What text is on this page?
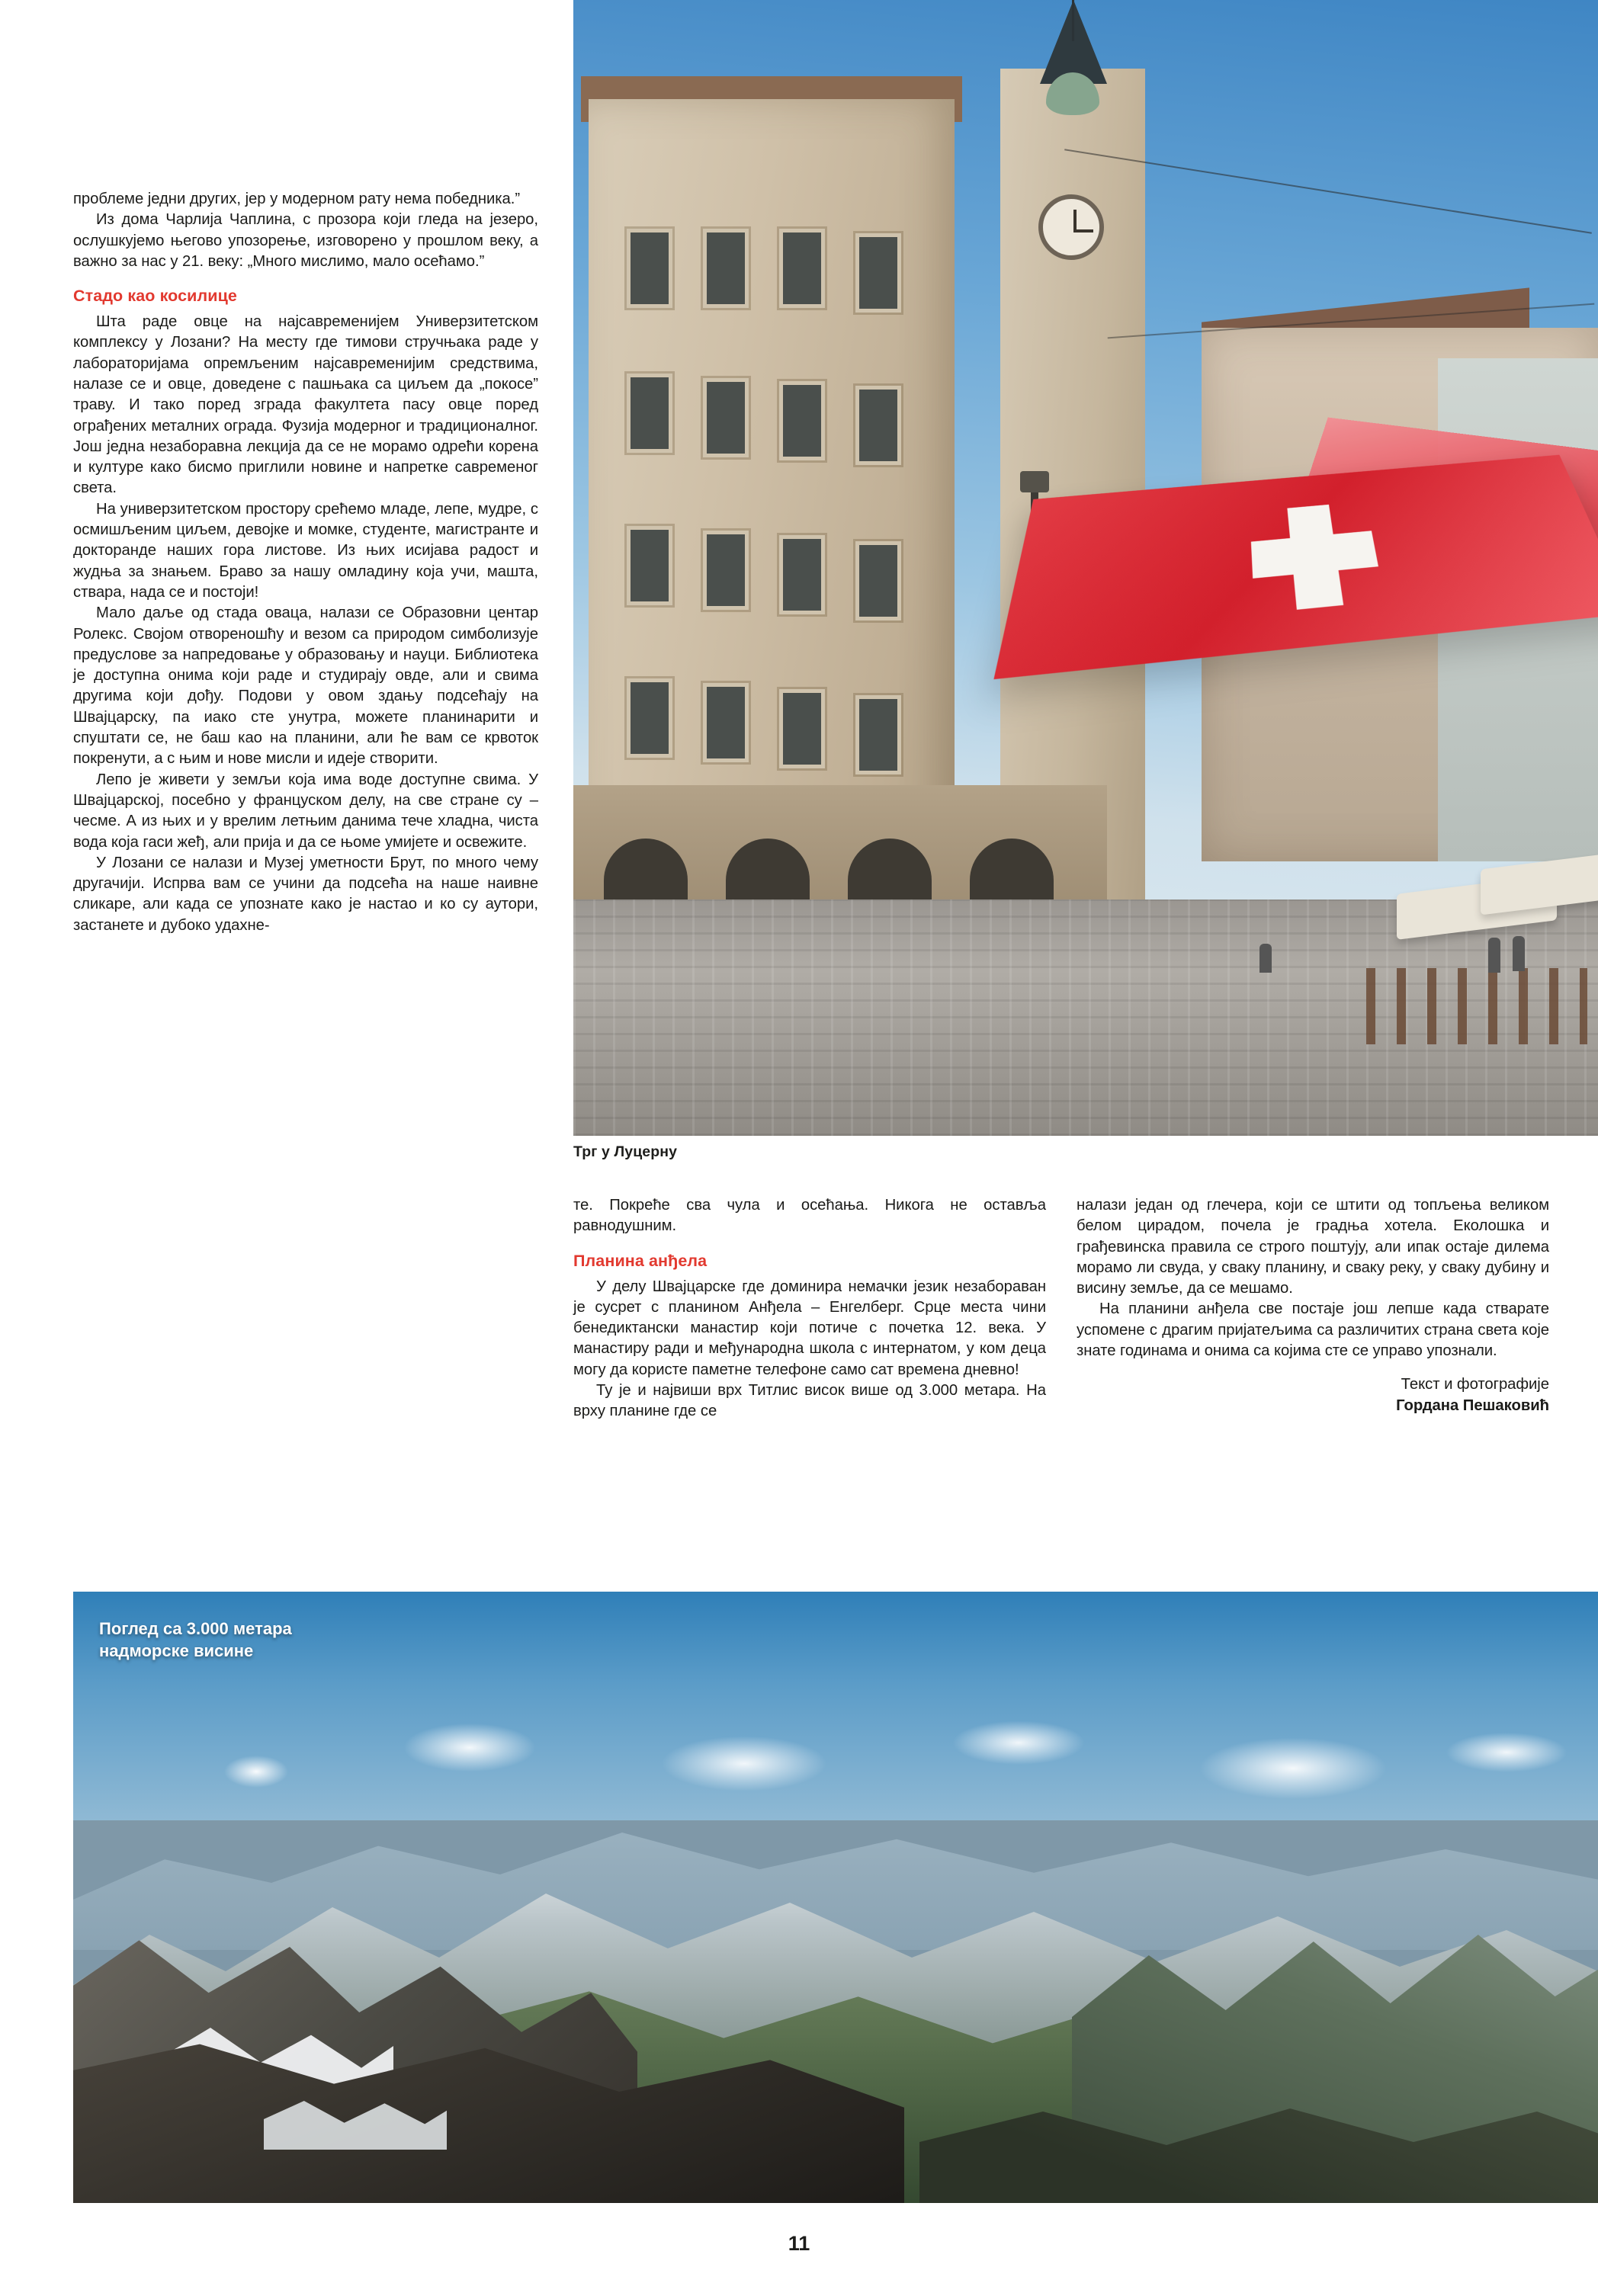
Трг у Луцерну

проблеме једни других, јер у модерном рату нема победника.”

Из дома Чарлија Чаплина, с прозора који гледа на језеро, ослушкујемо његово упозорење, изговорено у прошлом веку, а важно за нас у 21. веку: „Много мислимо, мало осећамо.”

Стадо као косилице

Шта раде овце на најсавременијем Универзитетском комплексу у Лозани? На месту где тимови стручњака раде у лабораторијама опремљеним најсавременијим средствима, налазе се и овце, доведене с пашњака са циљем да „покосе” траву. И тако поред зграда факултета пасу овце поред ограђених металних ограда. Фузија модерног и традиционалног. Још једна незаборавна лекција да се не морамо одрећи корена и културе како бисмо приглили новине и напретке савременог света.

На универзитетском простору срећемо младе, лепе, мудре, с осмишљеним циљем, девојке и момке, студенте, магистранте и докторанде наших гора листове. Из њих исијава радост и жудња за знањем. Браво за нашу омладину која учи, машта, ствара, нада се и постоји!

Мало даље од стада оваца, налази се Образовни центар Ролекс. Својом отвореношћу и везом са природом симболизује предуслове за напредовање у образовању и науци. Библиотека је доступна онима који раде и студирају овде, али и свима другима који дођу. Подови у овом здању подсећају на Швајцарску, па иако сте унутра, можете планинарити и спуштати се, не баш као на планини, али ће вам се крвоток покренути, а с њим и нове мисли и идеје створити.

Лепо је живети у земљи која има воде доступне свима. У Швајцарској, посебно у француском делу, на све стране су – чесме. А из њих и у врелим летњим данима тече хладна, чиста вода која гаси жеђ, али прија и да се њоме умијете и освежите.

У Лозани се налази и Музеј уметности Брут, по много чему другачији. Испрва вам се учини да подсећа на наше наивне сликаре, али када се упознате како је настао и ко су аутори, застанете и дубоко удахне-

те. Покреће сва чула и осећања. Никога не оставља равнодушним.

Планина анђела

У делу Швајцарске где доминира немачки језик незабораван је сусрет с планином Анђела – Енгелберг. Срце места чини бенедиктански манастир који потиче с почетка 12. века. У манастиру ради и међународна школа с интернатом, у ком деца могу да користе паметне телефоне само сат времена дневно!

Ту је и највиши врх Титлис висок више од 3.000 метара. На врху планине где се

налази један од глечера, који се штити од топљења великом белом цирадом, почела је градња хотела. Еколошка и грађевинска правила се строго поштују, али ипак остаје дилема морамо ли свуда, у сваку планину, и сваку реку, у сваку дубину и висину земље, да се мешамо.

На планини анђела све постаје још лепше када стварате успомене с драгим пријатељима са различитих страна света које знате годинама и онима са којима сте се управо упознали.

Текст и фотографије
Гордана Пешаковић
Поглед са 3.000 метара
надморске висине
11
